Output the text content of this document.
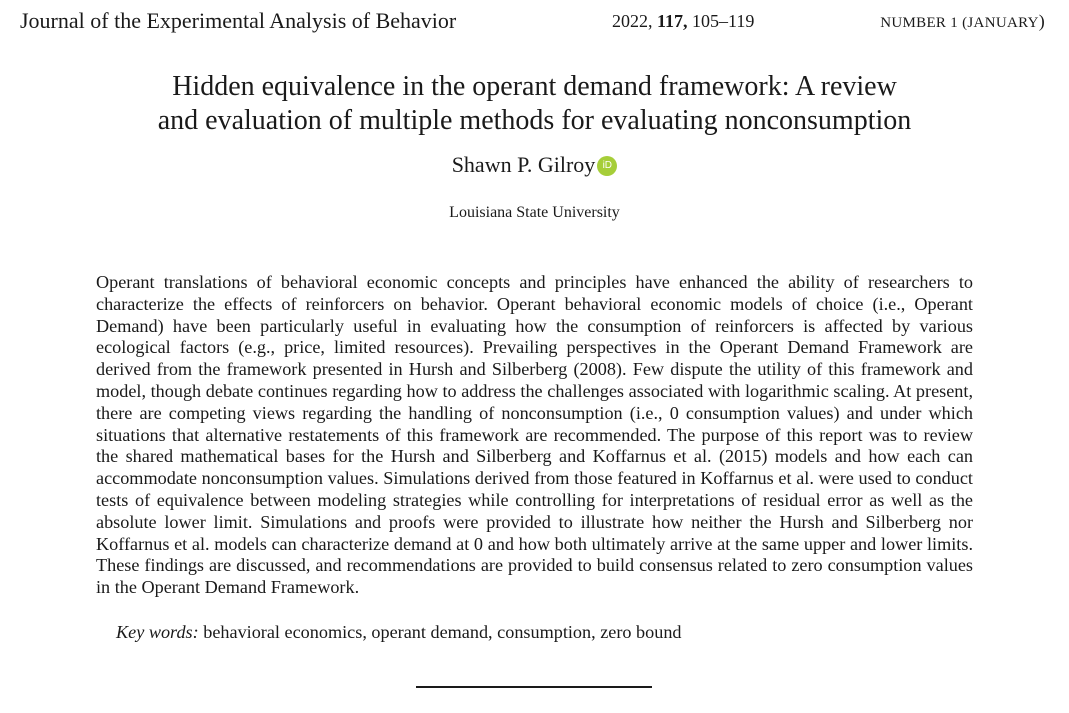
Journal of the Experimental Analysis of Behavior	2022, 117, 105–119	NUMBER 1 (JANUARY)
Hidden equivalence in the operant demand framework: A review
and evaluation of multiple methods for evaluating nonconsumption
Shawn P. Gilroy iD
Louisiana State University
Operant translations of behavioral economic concepts and principles have enhanced the ability of researchers to characterize the effects of reinforcers on behavior. Operant behavioral economic models of choice (i.e., Operant Demand) have been particularly useful in evaluating how the consumption of reinforcers is affected by various ecological factors (e.g., price, limited resources). Prevailing perspectives in the Operant Demand Framework are derived from the framework presented in Hursh and Silberberg (2008). Few dispute the utility of this framework and model, though debate continues regarding how to address the challenges associated with logarithmic scaling. At present, there are competing views regarding the handling of nonconsumption (i.e., 0 consumption values) and under which situations that alternative restatements of this framework are recommended. The purpose of this report was to review the shared mathematical bases for the Hursh and Silberberg and Koffarnus et al. (2015) models and how each can accommodate nonconsumption values. Simulations derived from those featured in Koffarnus et al. were used to conduct tests of equivalence between modeling strategies while controlling for interpretations of residual error as well as the absolute lower limit. Simulations and proofs were provided to illustrate how neither the Hursh and Silberberg nor Koffarnus et al. models can characterize demand at 0 and how both ultimately arrive at the same upper and lower limits. These findings are discussed, and recommendations are provided to build consensus related to zero consumption values in the Operant Demand Framework.
Key words: behavioral economics, operant demand, consumption, zero bound
